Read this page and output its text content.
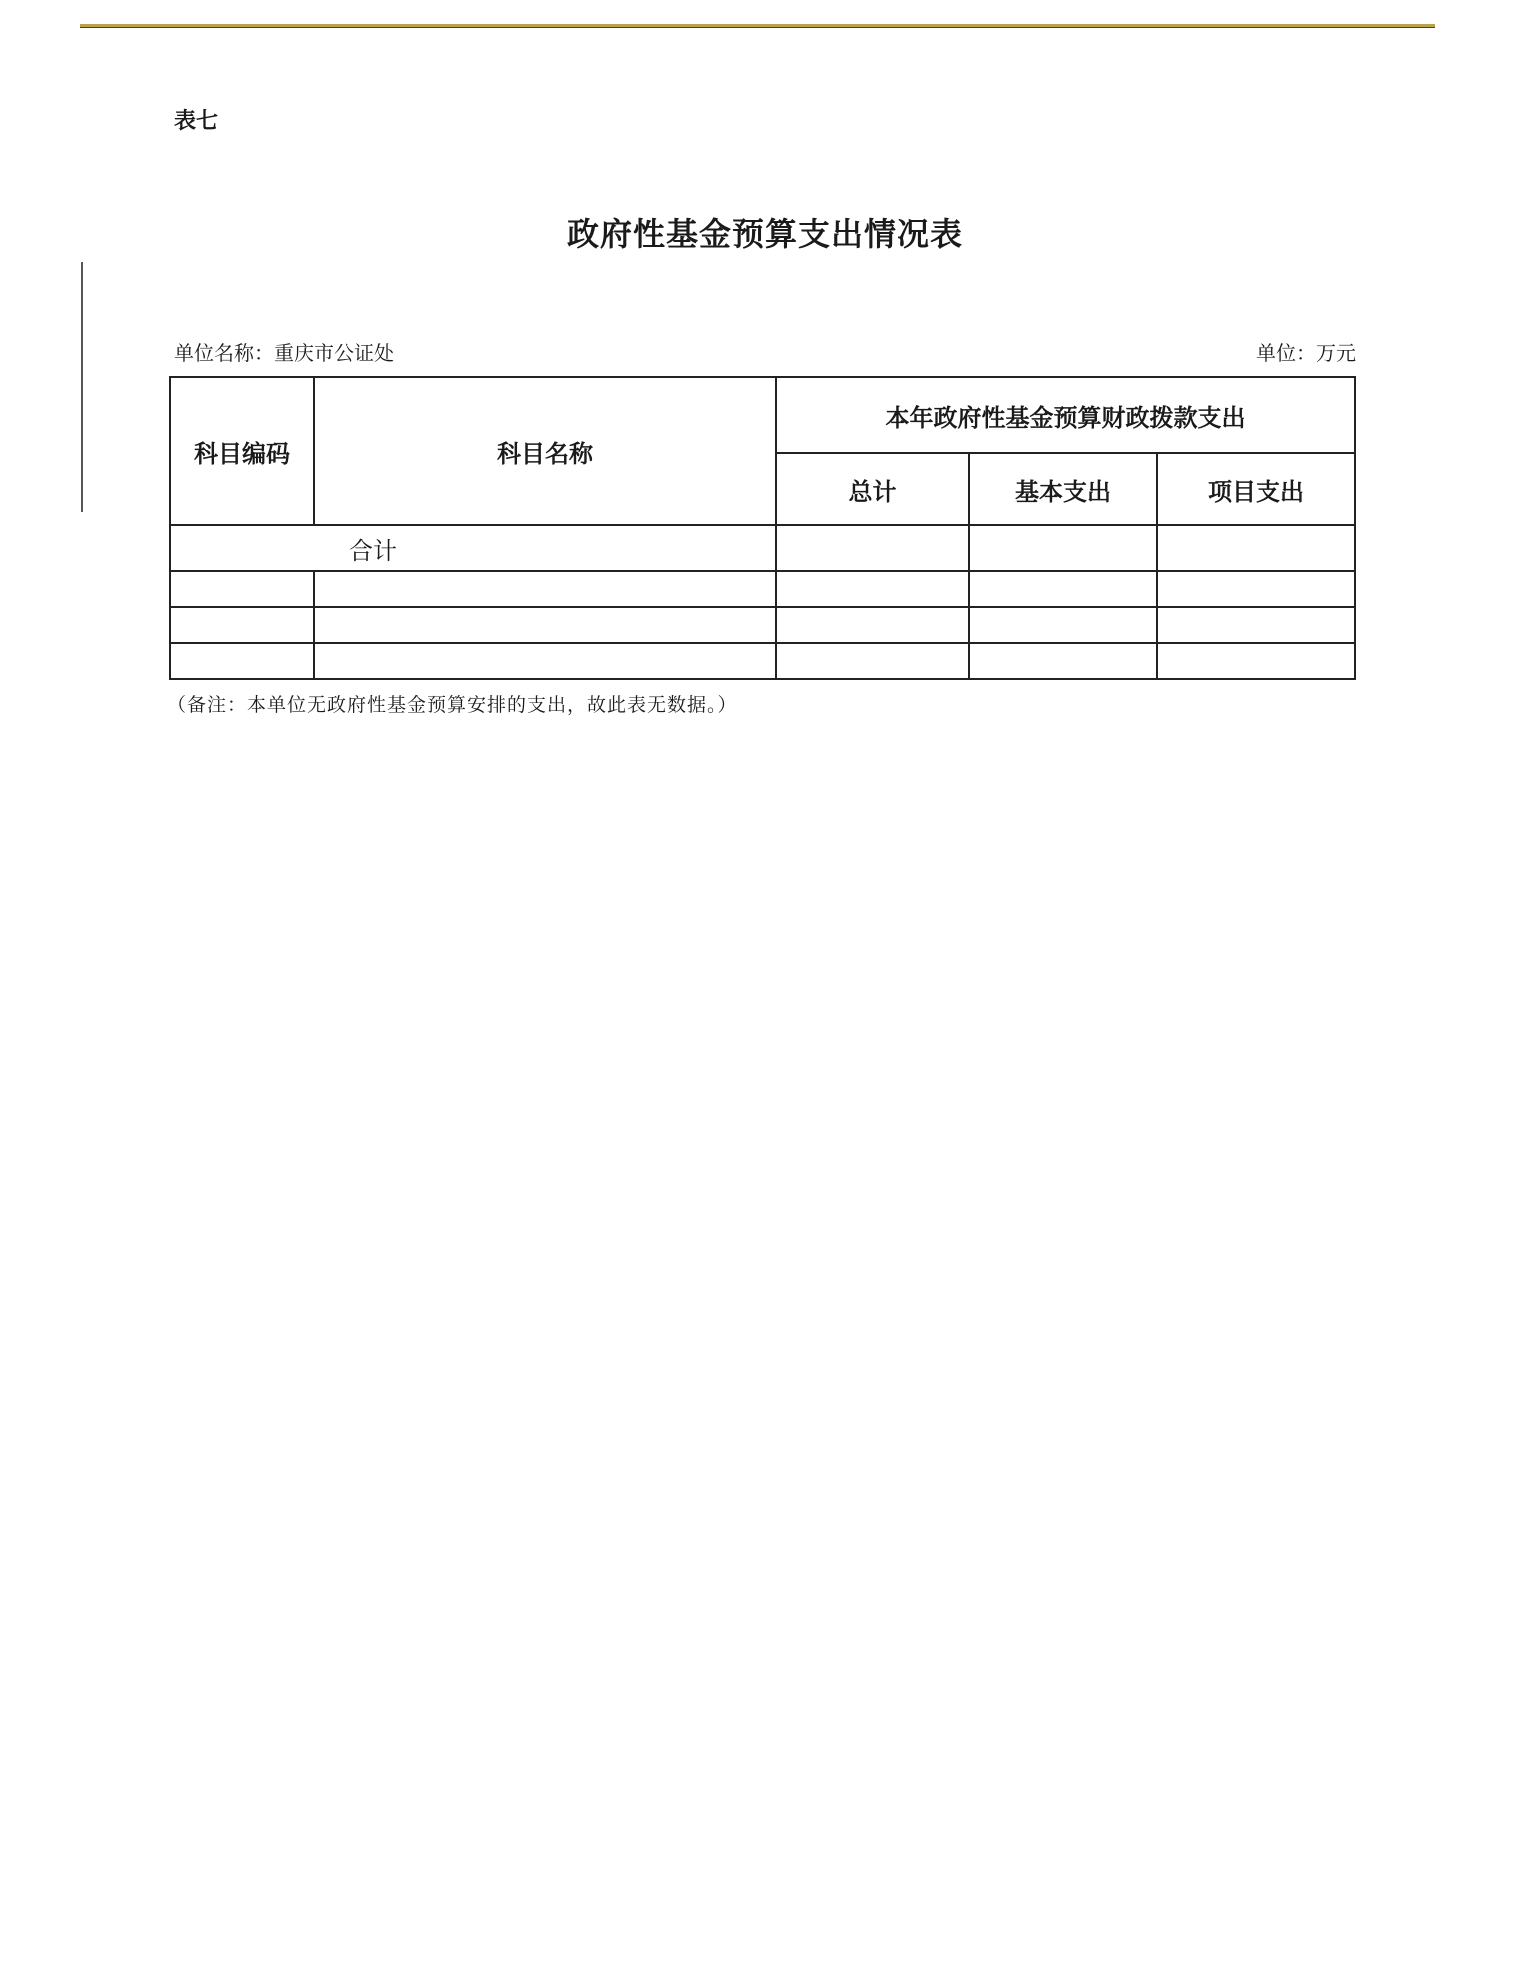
表七
政府性基金预算支出情况表
单位名称：重庆市公证处	单位：万元
科目编码	科目名称	本年政府性基金预算财政拨款支出		
		总计	基本支出	项目支出
合计				

（备注：本单位无政府性基金预算安排的支出，故此表无数据。）
